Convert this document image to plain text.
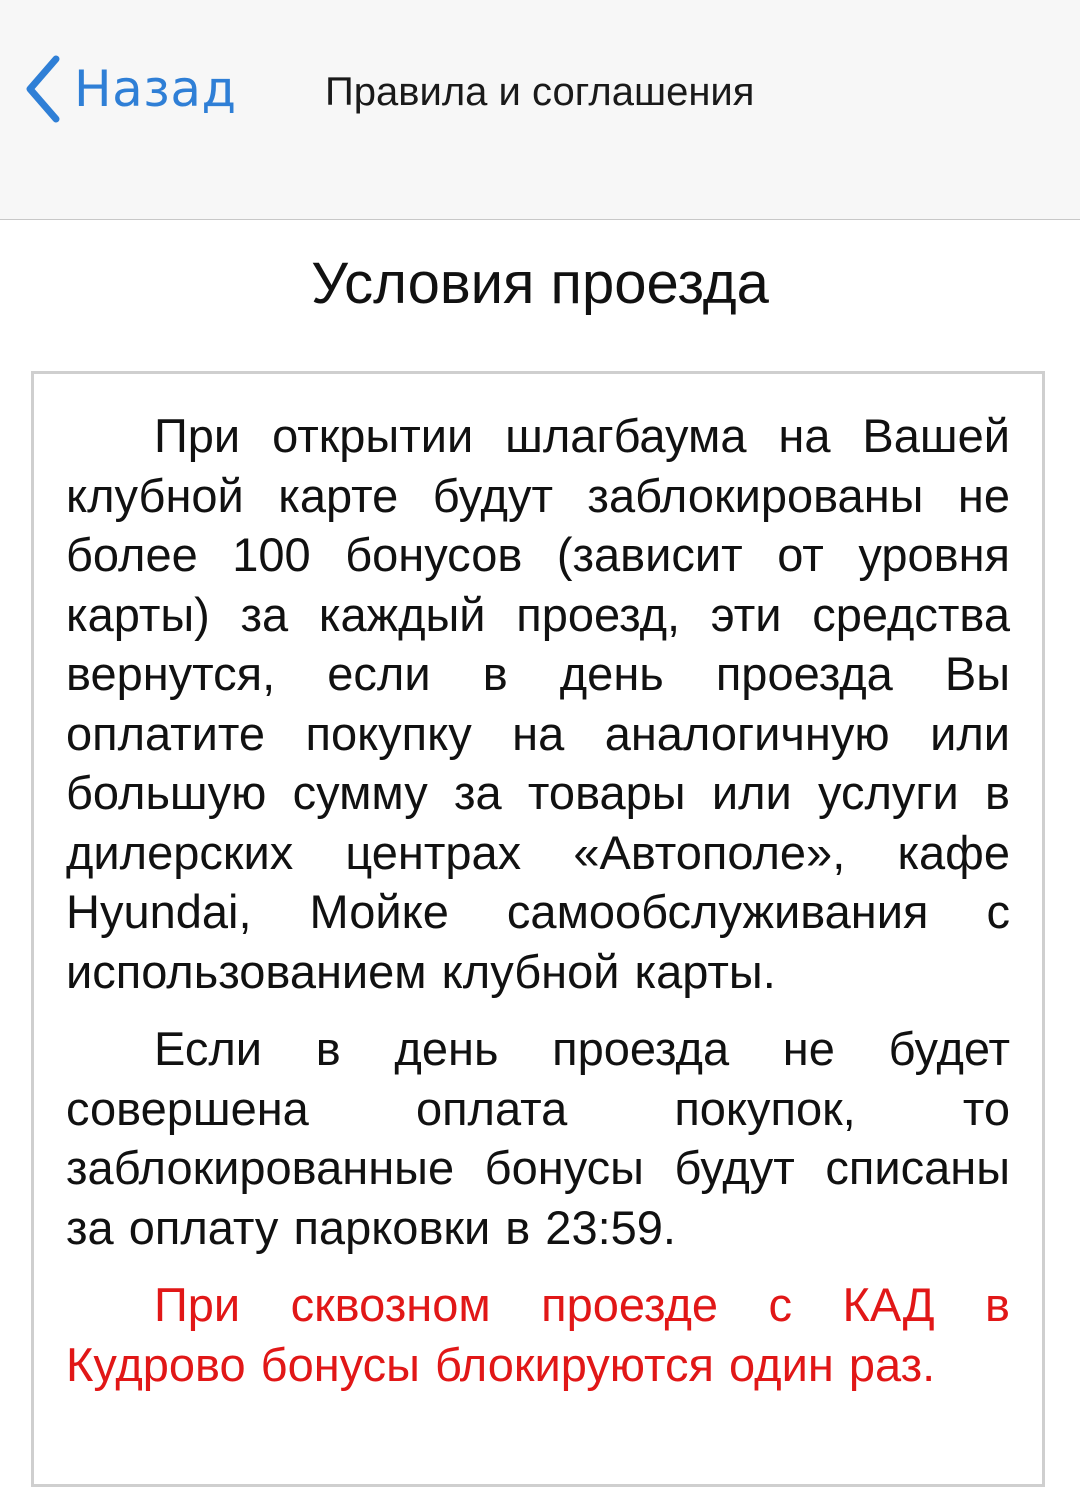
Назад Правила и соглашения
Условия проезда

При открытии шлагбаума на Вашей клубной карте будут заблокированы не более 100 бонусов (зависит от уровня карты) за каждый проезд, эти средства вернутся, если в день проезда Вы оплатите покупку на аналогичную или большую сумму за товары или услуги в дилерских центрах «Автополе», кафе Hyundai, Мойке самообслуживания с использованием клубной карты.

Если в день проезда не будет совершена оплата покупок, то заблокированные бонусы будут списаны за оплату парковки в 23:59.

При сквозном проезде с КАД в Кудрово бонусы блокируются один раз.
